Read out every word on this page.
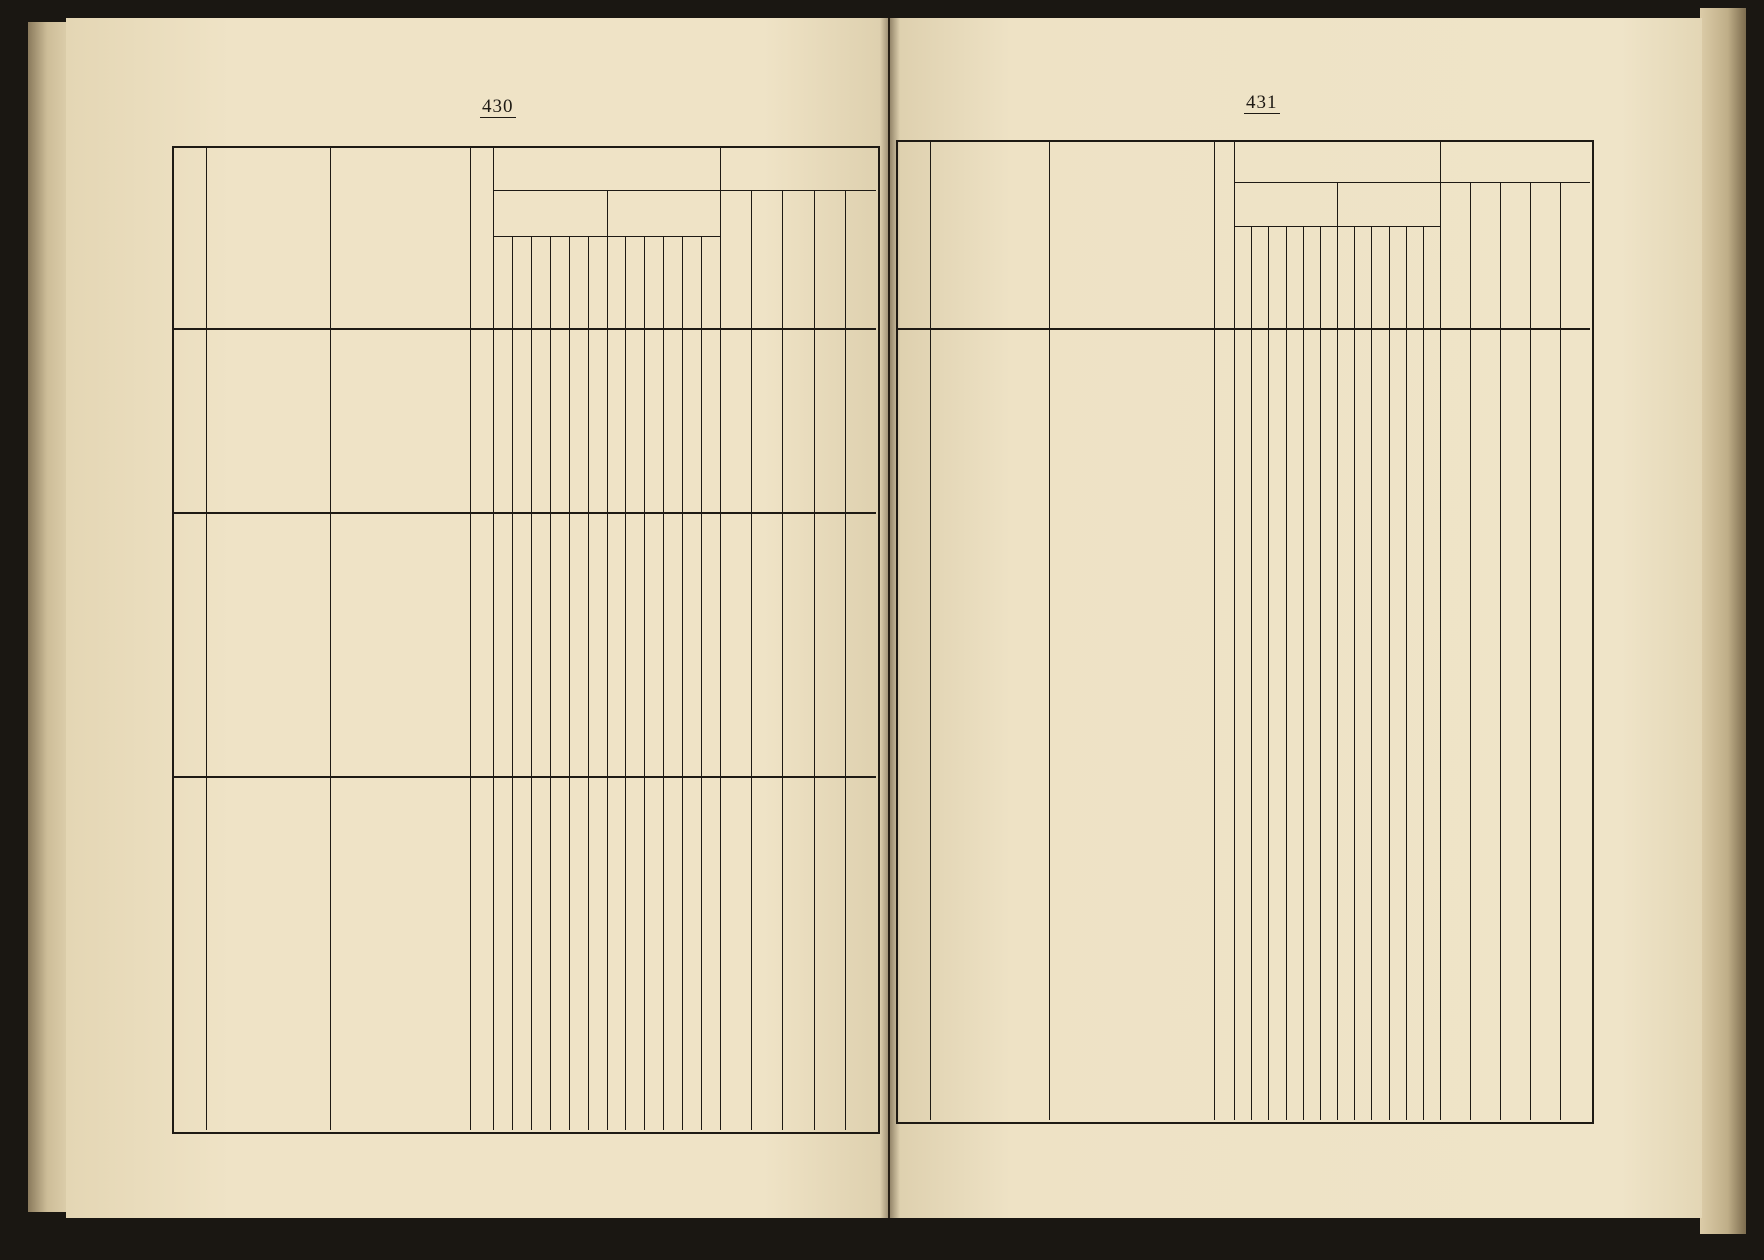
430	431
